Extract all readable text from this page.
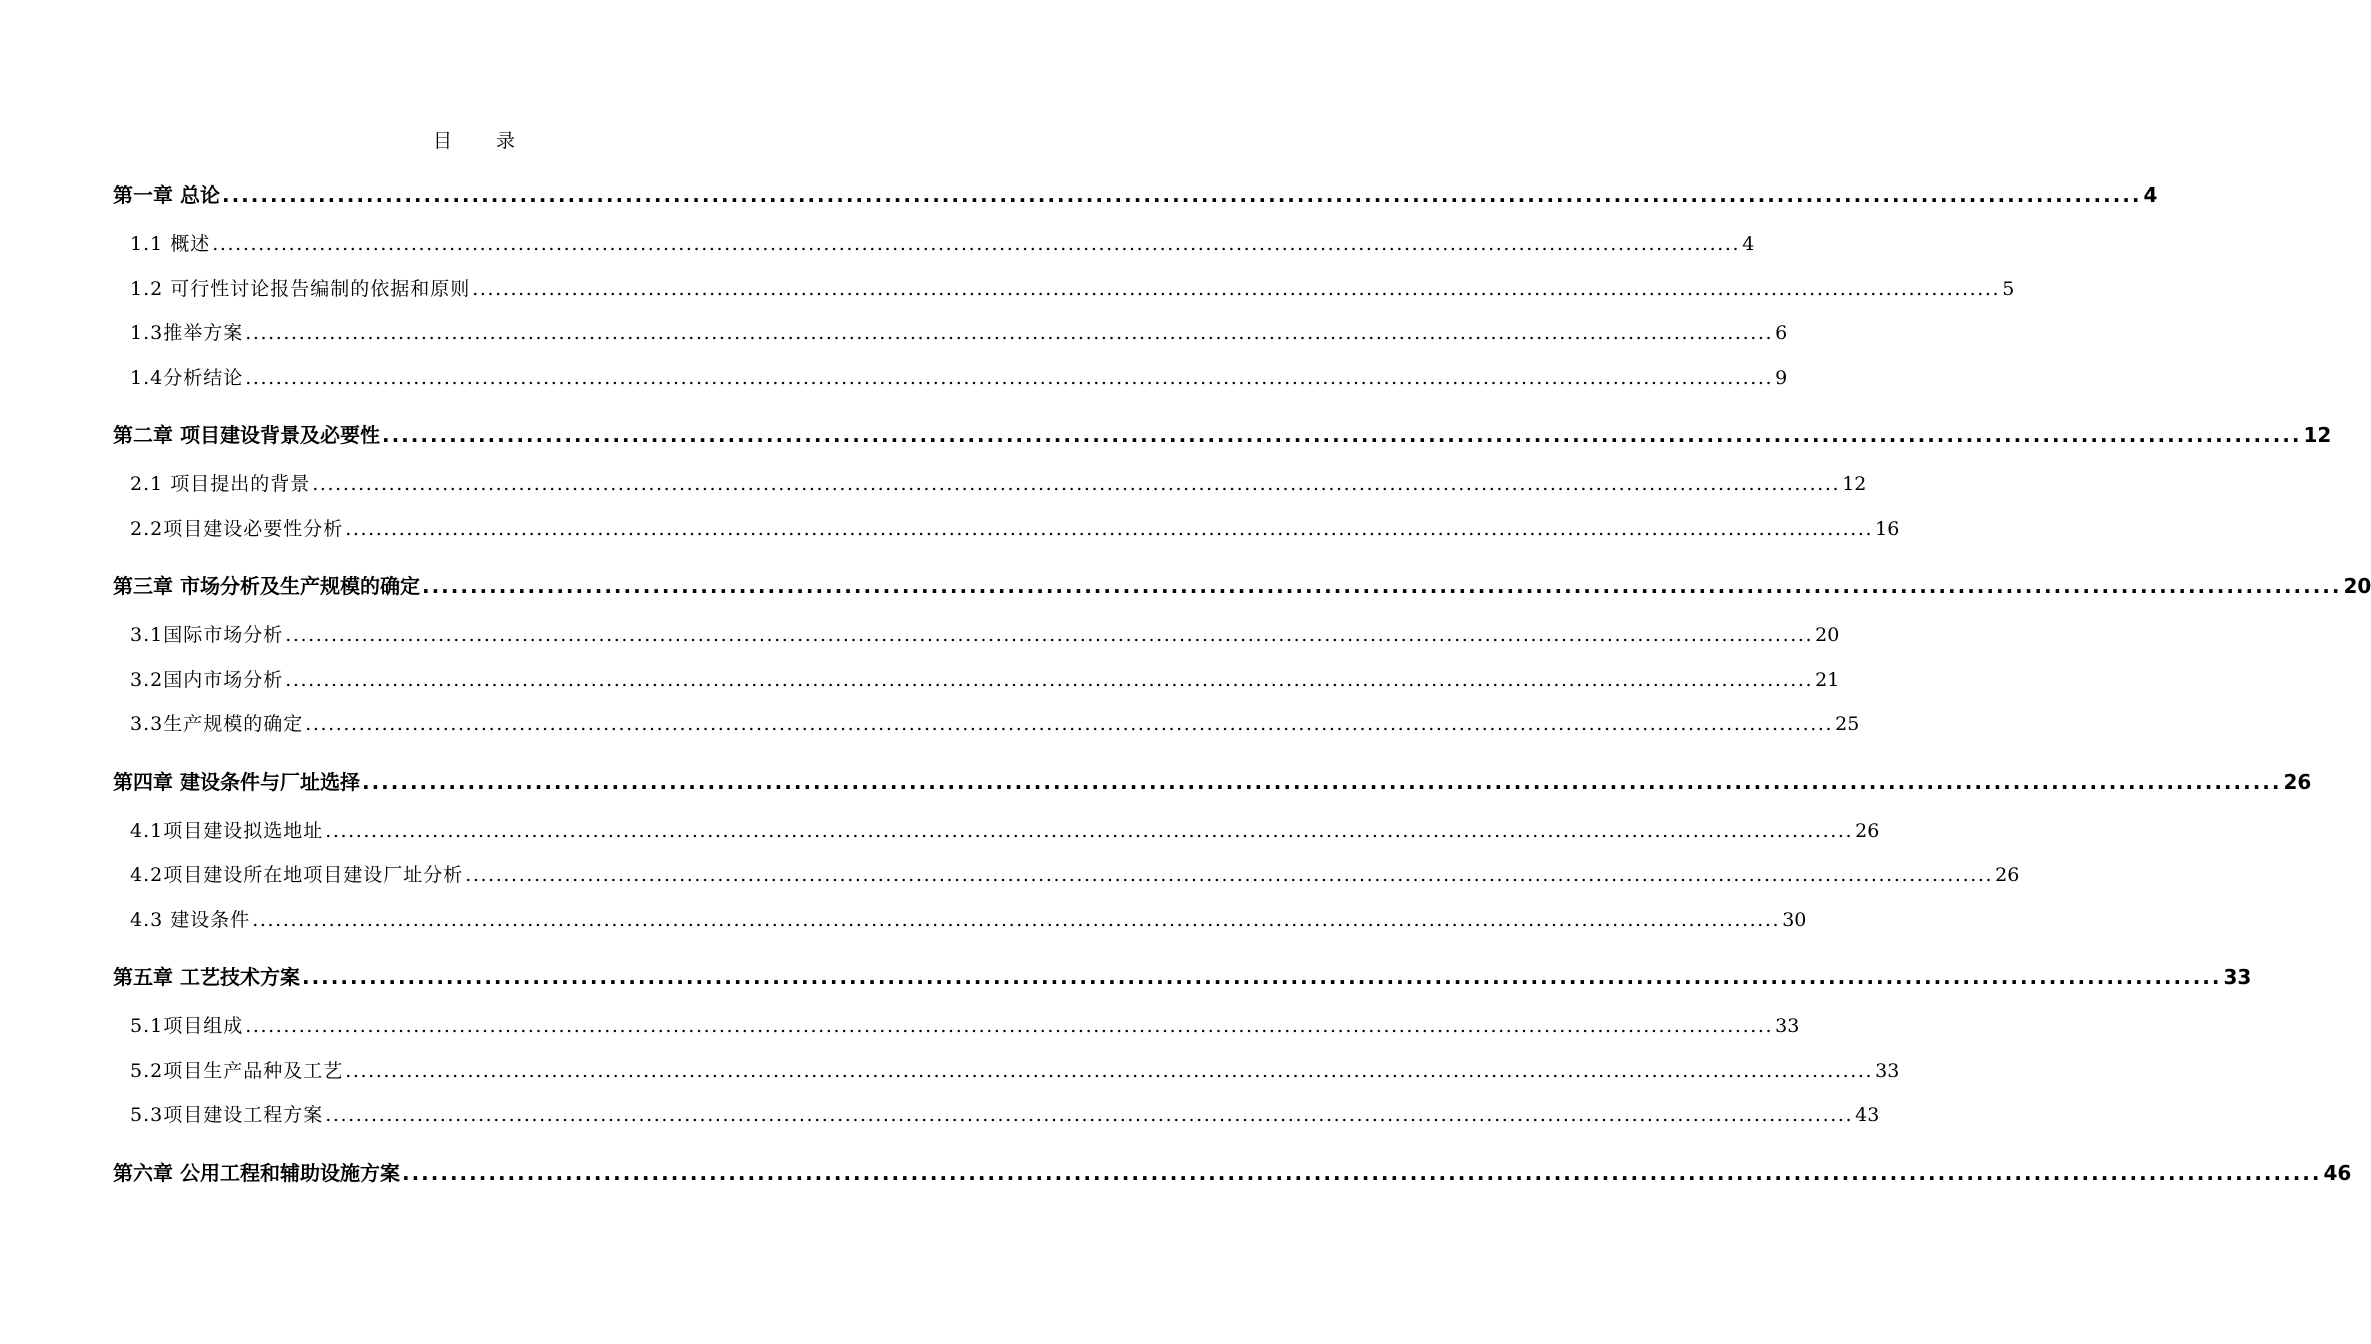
目　　录
第一章 总论 ........................................................................................................................................................................................................ 4
1.1 概述 ........................................................................................................................................................................................................ 4
1.2 可行性讨论报告编制的依据和原则 ........................................................................................................................................................................................................ 5
1.3推举方案 ........................................................................................................................................................................................................ 6
1.4分析结论 ........................................................................................................................................................................................................ 9
第二章 项目建设背景及必要性 ........................................................................................................................................................................................................ 12
2.1 项目提出的背景 ........................................................................................................................................................................................................ 12
2.2项目建设必要性分析 ........................................................................................................................................................................................................ 16
第三章 市场分析及生产规模的确定 ........................................................................................................................................................................................................ 20
3.1国际市场分析 ........................................................................................................................................................................................................ 20
3.2国内市场分析 ........................................................................................................................................................................................................ 21
3.3生产规模的确定 ........................................................................................................................................................................................................ 25
第四章 建设条件与厂址选择 ........................................................................................................................................................................................................ 26
4.1项目建设拟选地址 ........................................................................................................................................................................................................ 26
4.2项目建设所在地项目建设厂址分析 ........................................................................................................................................................................................................ 26
4.3 建设条件 ........................................................................................................................................................................................................ 30
第五章 工艺技术方案 ........................................................................................................................................................................................................ 33
5.1项目组成 ........................................................................................................................................................................................................ 33
5.2项目生产品种及工艺 ........................................................................................................................................................................................................ 33
5.3项目建设工程方案 ........................................................................................................................................................................................................ 43
第六章 公用工程和辅助设施方案 ........................................................................................................................................................................................................ 46
